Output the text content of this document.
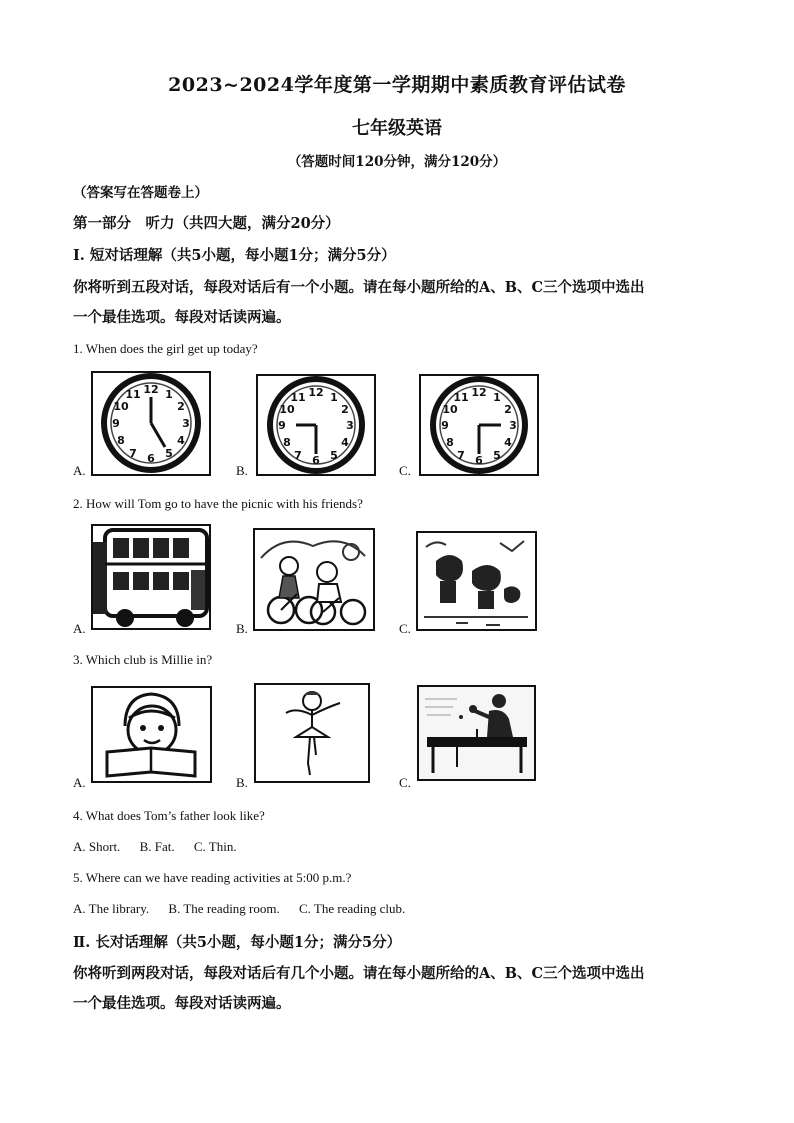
2023~2024学年度第一学期期中素质教育评估试卷
七年级英语
（答题时间120分钟，满分120分）
（答案写在答题卷上）
第一部分　听力（共四大题，满分20分）
Ⅰ. 短对话理解（共5小题，每小题1分；满分5分）
你将听到五段对话，每段对话后有一个小题。请在每小题所给的A、B、C三个选项中选出
一个最佳选项。每段对话读两遍。
1. When does the girl get up today?
12 1
2
3
4
5
6
7
8
9
10
11
A.
12 1
2
3
4
5
6
7
8
9
10
11
B.
12 1
2
3
4
5
6
7
8
9
10
11
C.
2. How will Tom go to have the picnic with his friends?
A.	B.	C.
3. Which club is Millie in?
A.	B.	C.
4. What does Tom’s father look like?
A. Short. B. Fat. C. Thin.
5. Where can we have reading activities at 5:00 p.m.?
A. The library. B. The reading room. C. The reading club.
Ⅱ. 长对话理解（共5小题，每小题1分；满分5分）
你将听到两段对话，每段对话后有几个小题。请在每小题所给的A、B、C三个选项中选出
一个最佳选项。每段对话读两遍。
